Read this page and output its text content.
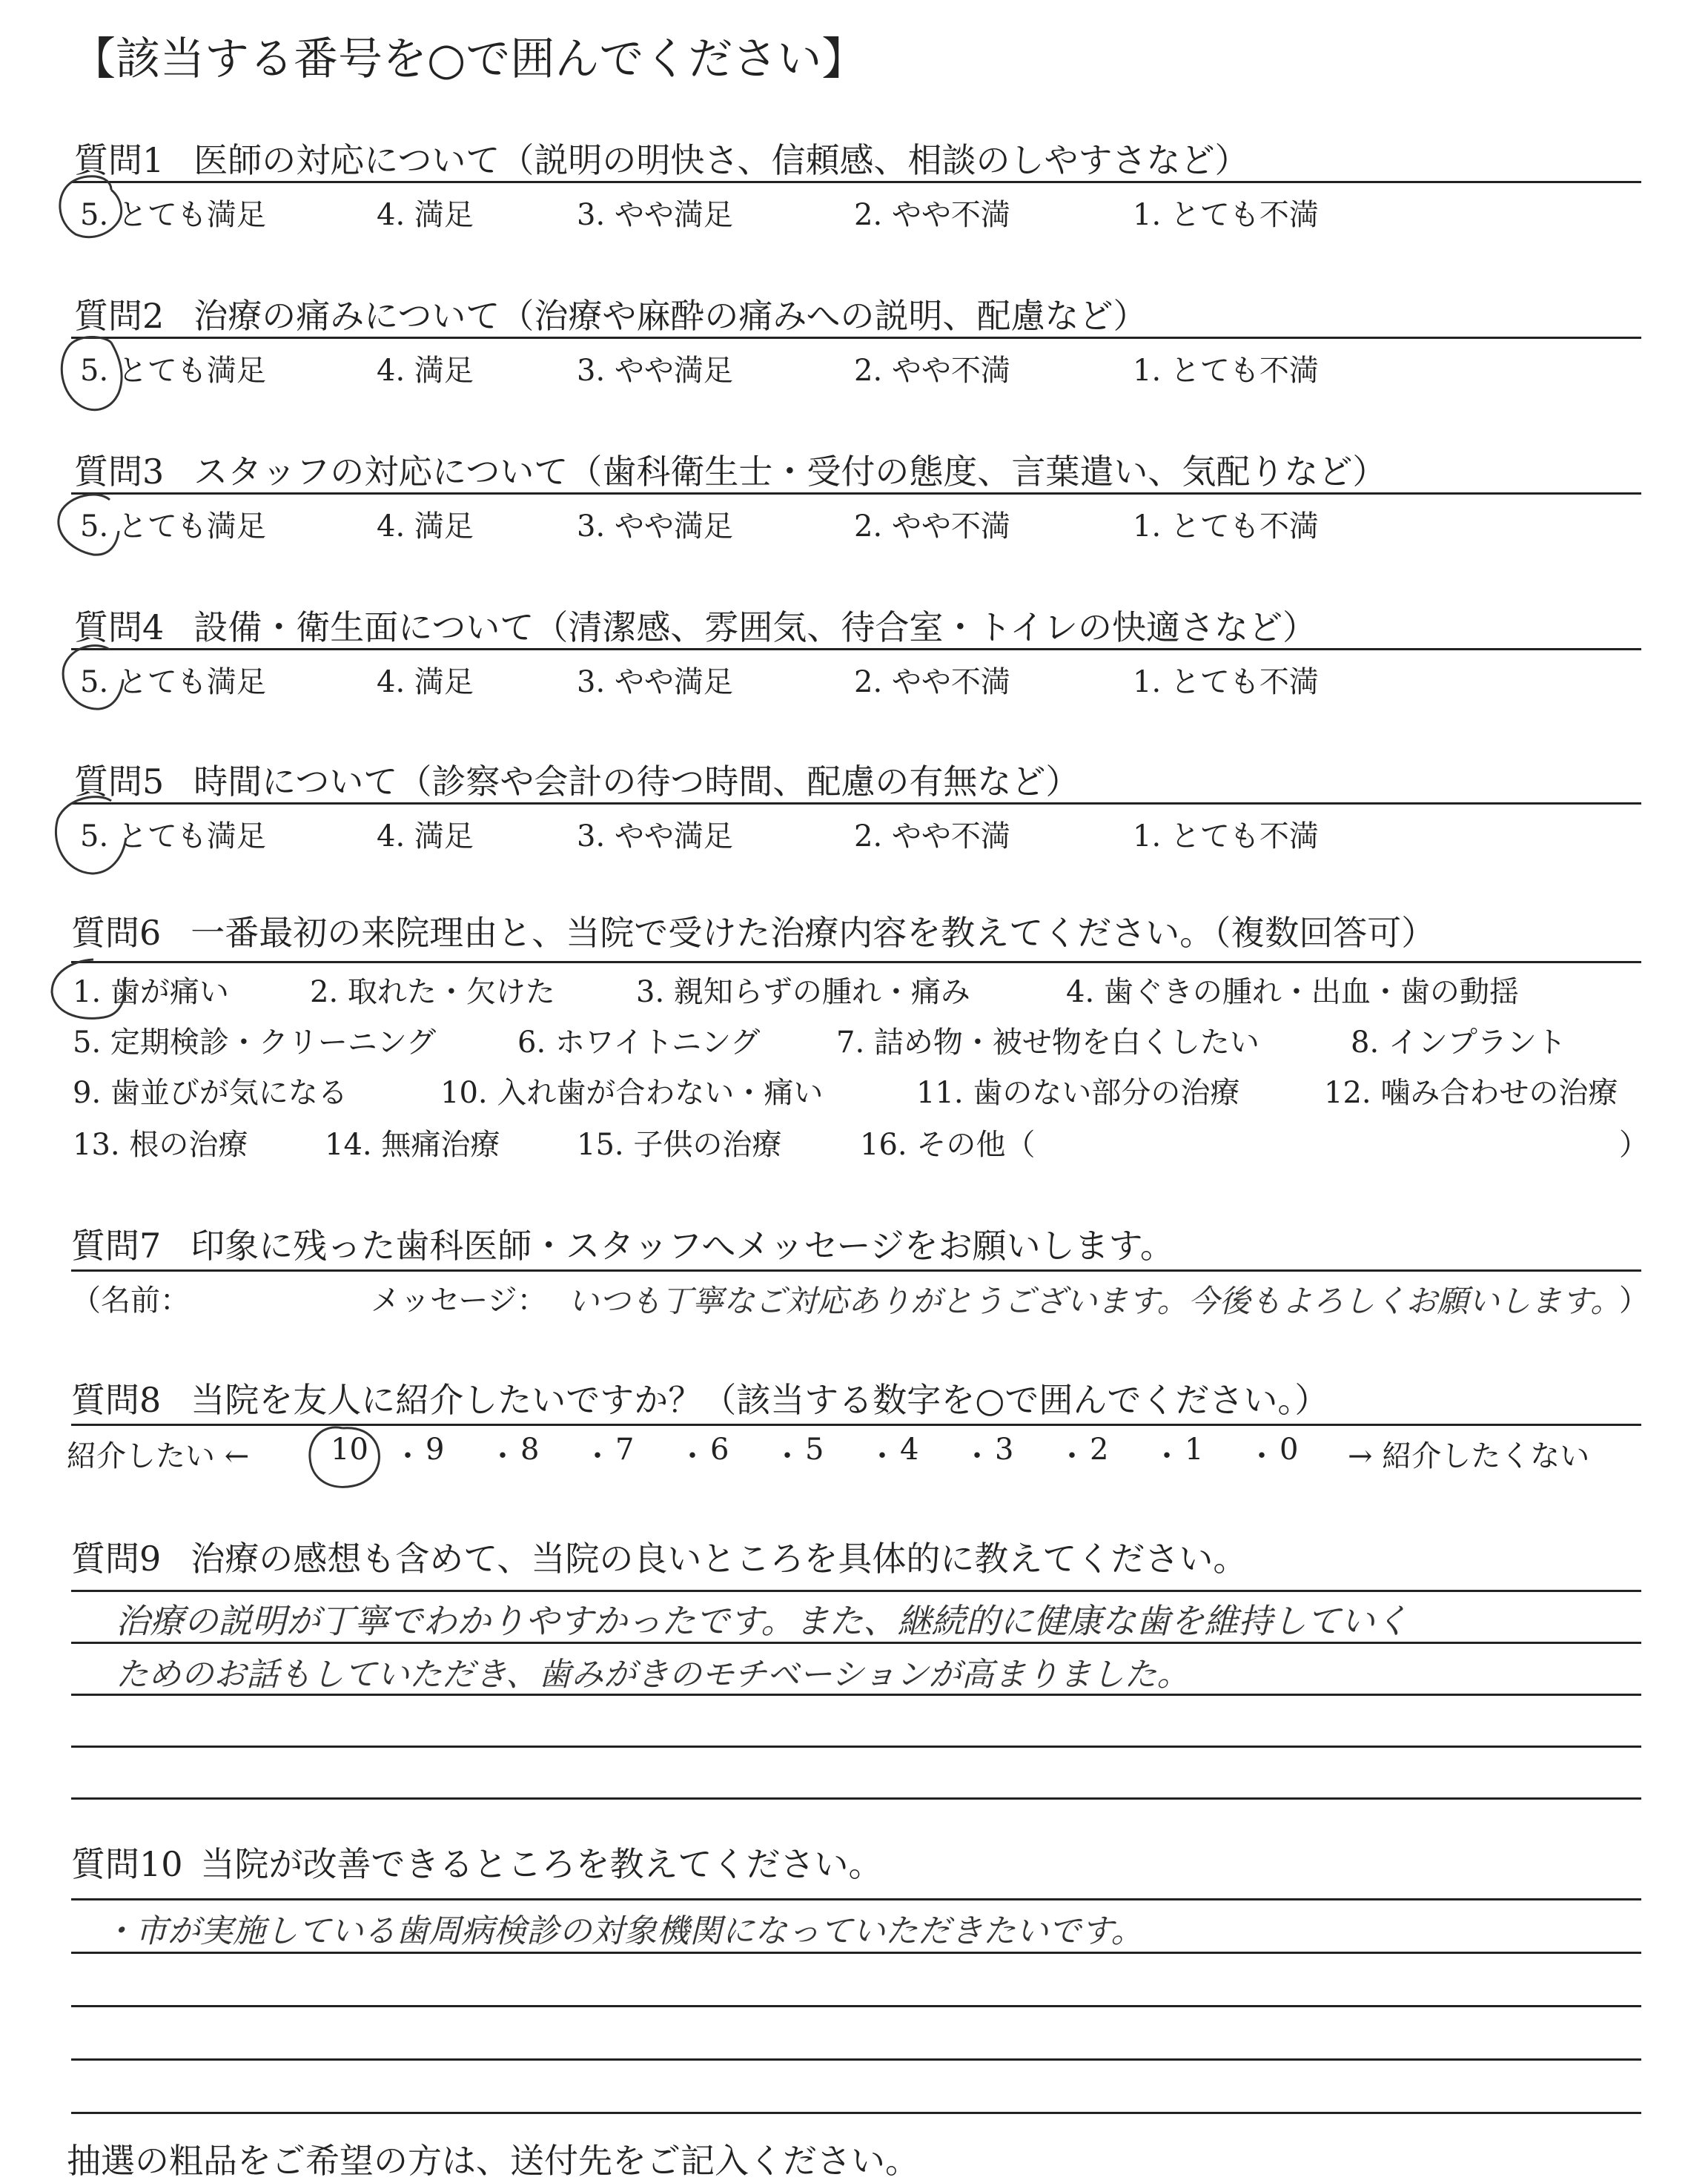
【該当する番号を○で囲んでください】
質問1 医師の対応について（説明の明快さ、信頼感、相談のしやすさなど）
5. とても満足	4. 満足	3. やや満足	2. やや不満	1. とても不満
質問2 治療の痛みについて（治療や麻酔の痛みへの説明、配慮など）
5. とても満足	4. 満足	3. やや満足	2. やや不満	1. とても不満
質問3 スタッフの対応について（歯科衛生士・受付の態度、言葉遣い、気配りなど）
5. とても満足	4. 満足	3. やや満足	2. やや不満	1. とても不満
質問4 設備・衛生面について（清潔感、雰囲気、待合室・トイレの快適さなど）
5. とても満足	4. 満足	3. やや満足	2. やや不満	1. とても不満
質問5 時間について（診察や会計の待つ時間、配慮の有無など）
5. とても満足	4. 満足	3. やや満足	2. やや不満	1. とても不満
質問6 一番最初の来院理由と、当院で受けた治療内容を教えてください。（複数回答可）
1. 歯が痛い	2. 取れた・欠けた	3. 親知らずの腫れ・痛み	4. 歯ぐきの腫れ・出血・歯の動揺
5. 定期検診・クリーニング	6. ホワイトニング	7. 詰め物・被せ物を白くしたい	8. インプラント
9. 歯並びが気になる	10. 入れ歯が合わない・痛い	11. 歯のない部分の治療	12. 噛み合わせの治療
13. 根の治療	14. 無痛治療	15. 子供の治療	16. その他（	）
質問7 印象に残った歯科医師・スタッフへメッセージをお願いします。
（名前：	メッセージ： いつも丁寧なご対応ありがとうございます。今後もよろしくお願いします。
）
質問8 当院を友人に紹介したいですか？（該当する数字を○で囲んでください。）
紹介したい ←	10 ・ 9 ・ 8 ・ 7 ・ 6 ・ 5 ・ 4 ・ 3 ・ 2 ・ 1 ・ 0 → 紹介したくない
質問9 治療の感想も含めて、当院の良いところを具体的に教えてください。
治療の説明が丁寧でわかりやすかったです。また、継続的に健康な歯を維持していく
ためのお話もしていただき、歯みがきのモチベーションが高まりました。
質問10 当院が改善できるところを教えてください。
・市が実施している歯周病検診の対象機関になっていただきたいです。
抽選の粗品をご希望の方は、送付先をご記入ください。
